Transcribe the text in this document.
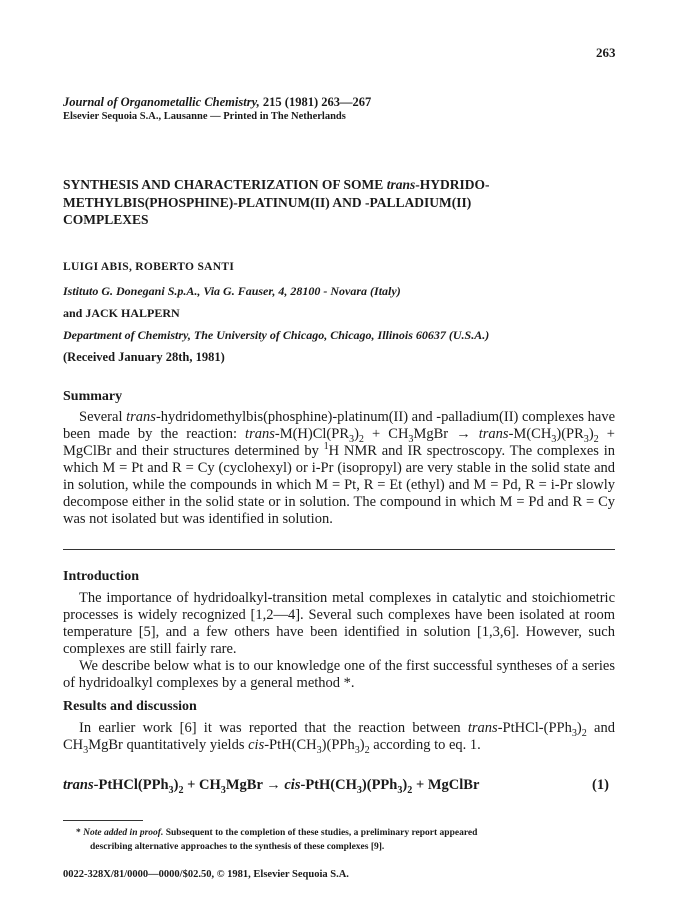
263
Journal of Organometallic Chemistry, 215 (1981) 263—267
Elsevier Sequoia S.A., Lausanne — Printed in The Netherlands
SYNTHESIS AND CHARACTERIZATION OF SOME trans-HYDRIDO-
METHYLBIS(PHOSPHINE)-PLATINUM(II) AND -PALLADIUM(II)
COMPLEXES
LUIGI ABIS, ROBERTO SANTI
Istituto G. Donegani S.p.A., Via G. Fauser, 4, 28100 - Novara (Italy)
and JACK HALPERN
Department of Chemistry, The University of Chicago, Chicago, Illinois 60637 (U.S.A.)
(Received January 28th, 1981)
Summary

Several trans-hydridomethylbis(phosphine)-platinum(II) and -palladium(II) complexes have been made by the reaction: trans-$M(H)Cl(PR_3)_2$ + $CH_3MgBr$ → trans-$M(CH_3)(PR_3)_2$ + MgClBr and their structures determined by $^1$H NMR and IR spectroscopy. The complexes in which M = Pt and R = Cy (cyclohexyl) or i-Pr (isopropyl) are very stable in the solid state and in solution, while the compounds in which M = Pt, R = Et (ethyl) and M = Pd, R = i-Pr slowly decompose either in the solid state or in solution. The compound in which M = Pd and R = Cy was not isolated but was identified in solution.

Introduction

The importance of hydridoalkyl-transition metal complexes in catalytic and stoichiometric processes is widely recognized [1,2—4]. Several such complexes have been isolated at room temperature [5], and a few others have been identified in solution [1,3,6]. However, such complexes are still fairly rare.

We describe below what is to our knowledge one of the first successful syntheses of a series of hydridoalkyl complexes by a general method *.

Results and discussion

In earlier work [6] it was reported that the reaction between trans-$PtHCl-(PPh_3)_2$ and $CH_3MgBr$ quantitatively yields cis-$PtH(CH_3)(PPh_3)_2$ according to eq. 1.

trans-$PtHCl(PPh_3)_2$ + $CH_3MgBr \to cis-PtH(CH_3)(PPh_3)_2$ + MgClBr	(1)
* Note added in proof. Subsequent to the completion of these studies, a preliminary report appeared
describing alternative approaches to the synthesis of these complexes [9].
0022-328X/81/0000—0000/$02.50, © 1981, Elsevier Sequoia S.A.
